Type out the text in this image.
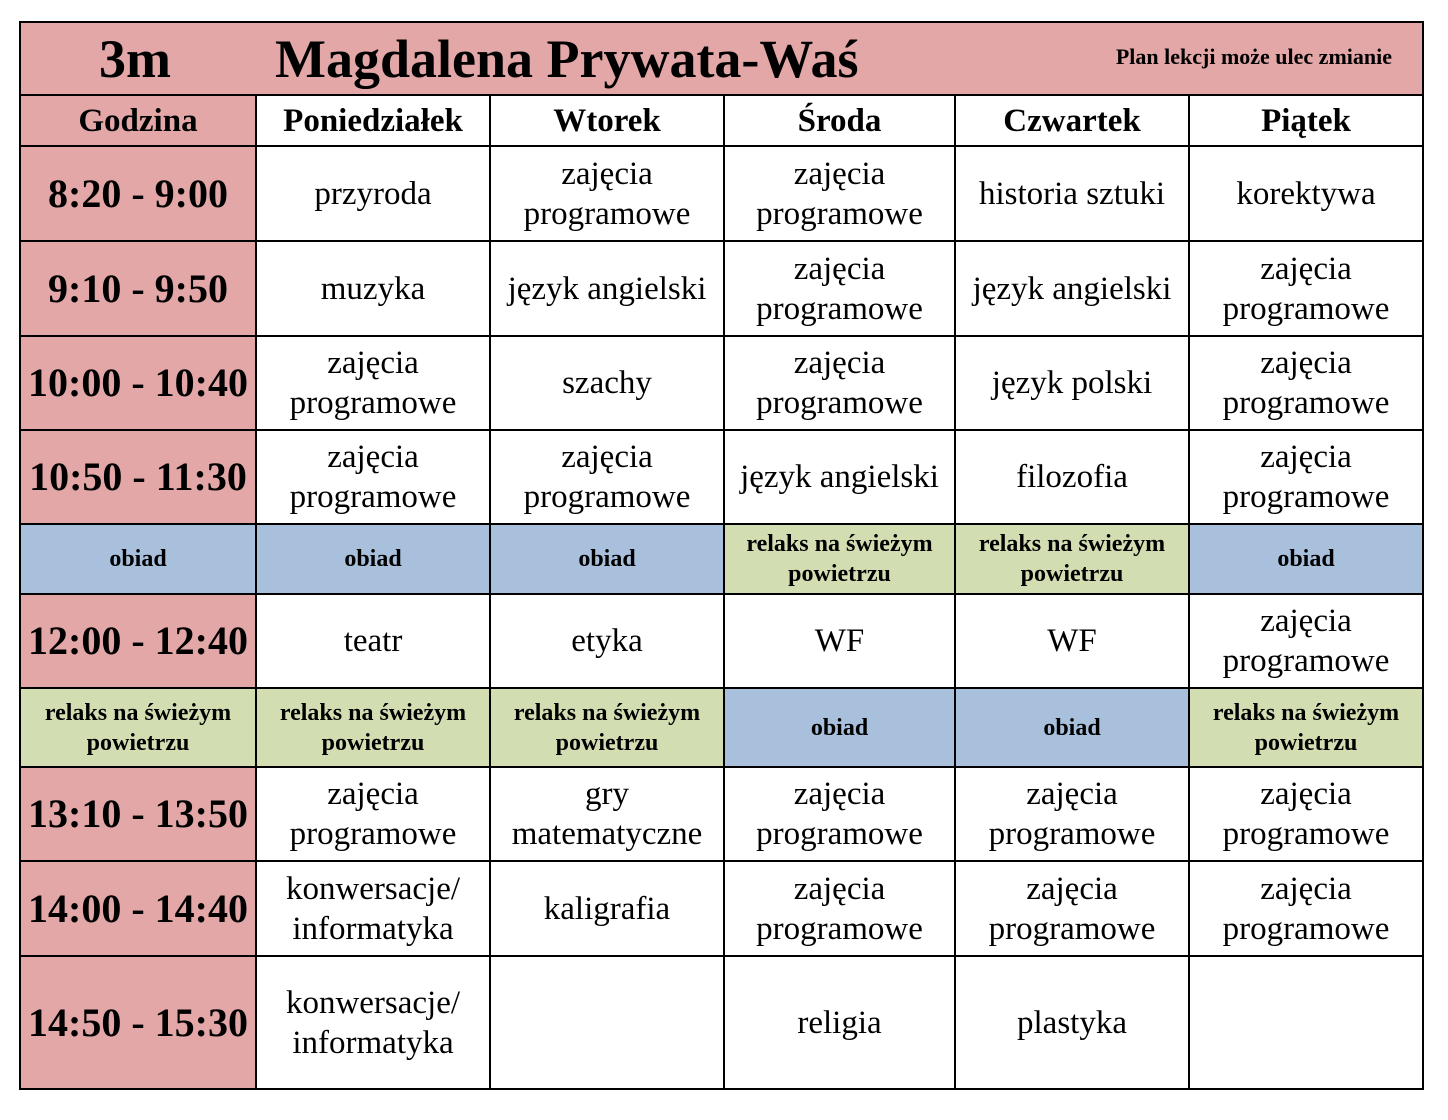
3m Magdalena Prywata-Waś	Plan lekcji może ulec zmianie
Godzina	Poniedziałek	Wtorek	Środa	Czwartek	Piątek
8:20 - 9:00	przyroda	zajęcia programowe	zajęcia programowe	historia sztuki	korektywa
9:10 - 9:50	muzyka	język angielski	zajęcia programowe	język angielski	zajęcia programowe
10:00 - 10:40	zajęcia programowe	szachy	zajęcia programowe	język polski	zajęcia programowe
10:50 - 11:30	zajęcia programowe	zajęcia programowe	język angielski	filozofia	zajęcia programowe
obiad	obiad	obiad	relaks na świeżym powietrzu	relaks na świeżym powietrzu	obiad
12:00 - 12:40	teatr	etyka	WF	WF	zajęcia programowe
relaks na świeżym powietrzu	relaks na świeżym powietrzu	relaks na świeżym powietrzu	obiad	obiad	relaks na świeżym powietrzu
13:10 - 13:50	zajęcia programowe	gry matematyczne	zajęcia programowe	zajęcia programowe	zajęcia programowe
14:00 - 14:40	konwersacje/ informatyka	kaligrafia	zajęcia programowe	zajęcia programowe	zajęcia programowe
14:50 - 15:30	konwersacje/ informatyka		religia	plastyka	
